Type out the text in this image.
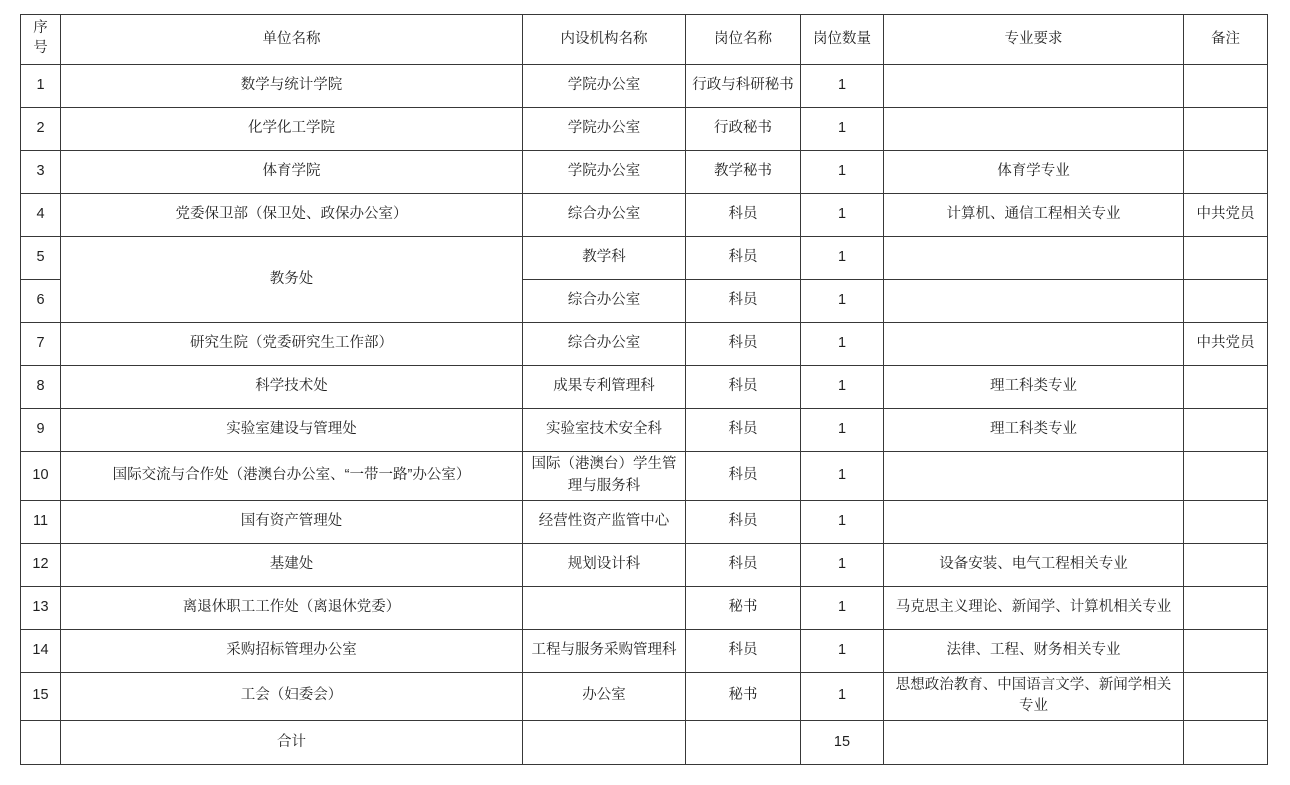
序号	单位名称	内设机构名称	岗位名称	岗位数量	专业要求	备注
1	数学与统计学院	学院办公室	行政与科研秘书	1		
2	化学化工学院	学院办公室	行政秘书	1		
3	体育学院	学院办公室	教学秘书	1	体育学专业	
4	党委保卫部（保卫处、政保办公室）	综合办公室	科员	1	计算机、通信工程相关专业	中共党员
5	教务处	教学科	科员	1		
6		综合办公室	科员	1		
7	研究生院（党委研究生工作部）	综合办公室	科员	1		中共党员
8	科学技术处	成果专利管理科	科员	1	理工科类专业	
9	实验室建设与管理处	实验室技术安全科	科员	1	理工科类专业	
10	国际交流与合作处（港澳台办公室、“一带一路”办公室）	国际（港澳台）学生管理与服务科	科员	1		
11	国有资产管理处	经营性资产监管中心	科员	1		
12	基建处	规划设计科	科员	1	设备安装、电气工程相关专业	
13	离退休职工工作处（离退休党委）		秘书	1	马克思主义理论、新闻学、计算机相关专业	
14	采购招标管理办公室	工程与服务采购管理科	科员	1	法律、工程、财务相关专业	
15	工会（妇委会）	办公室	秘书	1	思想政治教育、中国语言文学、新闻学相关专业	
	合计			15		
